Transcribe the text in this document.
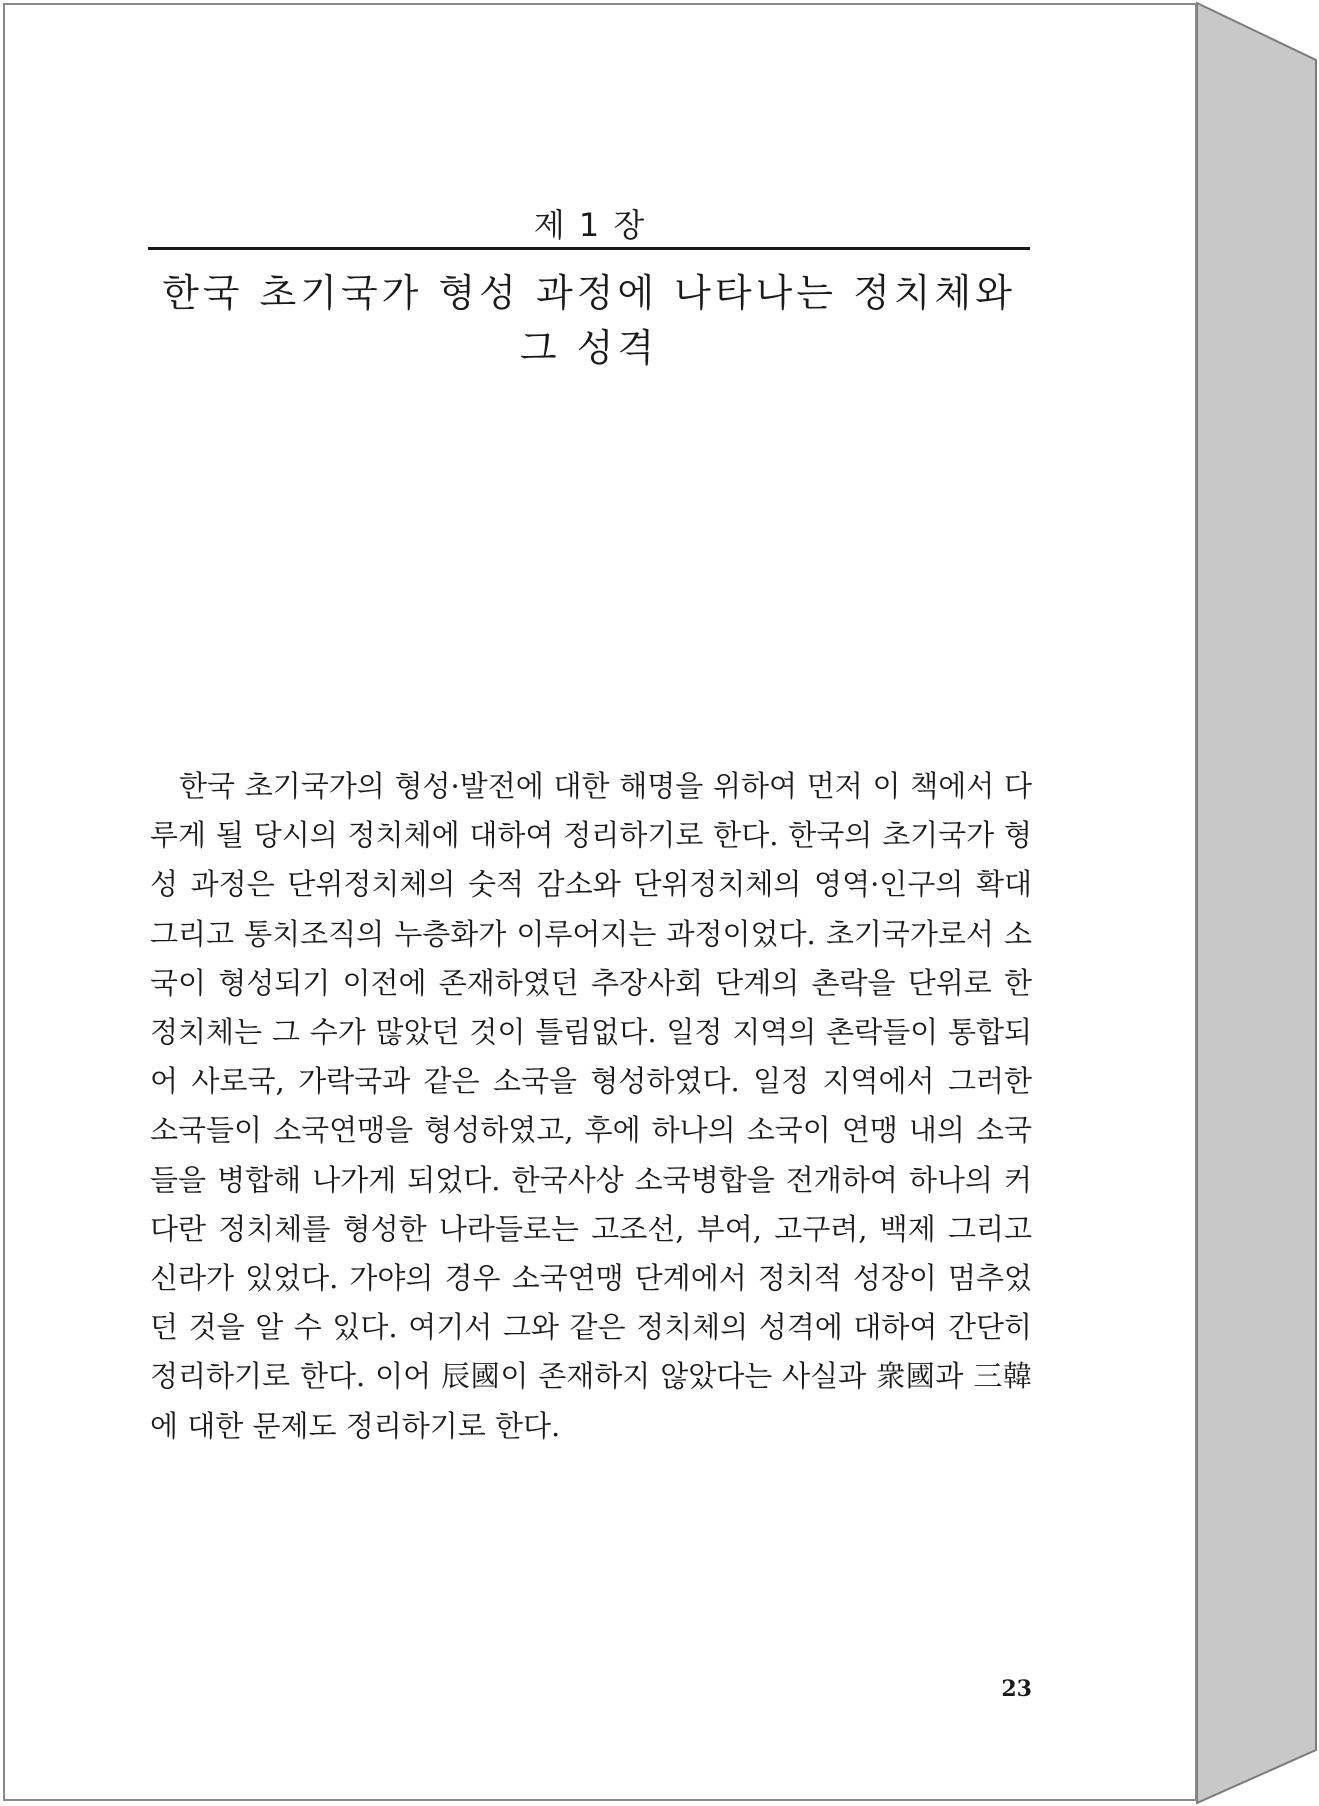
제 1 장
한국 초기국가 형성 과정에 나타나는 정치체와 그 성격

한국 초기국가의 형성·발전에 대한 해명을 위하여 먼저 이 책에서 다루게 될 당시의 정치체에 대하여 정리하기로 한다. 한국의 초기국가 형성 과정은 단위정치체의 숫적 감소와 단위정치체의 영역·인구의 확대 그리고 통치조직의 누층화가 이루어지는 과정이었다. 초기국가로서 소국이 형성되기 이전에 존재하였던 추장사회 단계의 촌락을 단위로 한 정치체는 그 수가 많았던 것이 틀림없다. 일정 지역의 촌락들이 통합되어 사로국, 가락국과 같은 소국을 형성하였다. 일정 지역에서 그러한 소국들이 소국연맹을 형성하였고, 후에 하나의 소국이 연맹 내의 소국들을 병합해 나가게 되었다. 한국사상 소국병합을 전개하여 하나의 커다란 정치체를 형성한 나라들로는 고조선, 부여, 고구려, 백제 그리고 신라가 있었다. 가야의 경우 소국연맹 단계에서 정치적 성장이 멈추었던 것을 알 수 있다. 여기서 그와 같은 정치체의 성격에 대하여 간단히 정리하기로 한다. 이어 辰國이 존재하지 않았다는 사실과 衆國과 三韓에 대한 문제도 정리하기로 한다.

23
